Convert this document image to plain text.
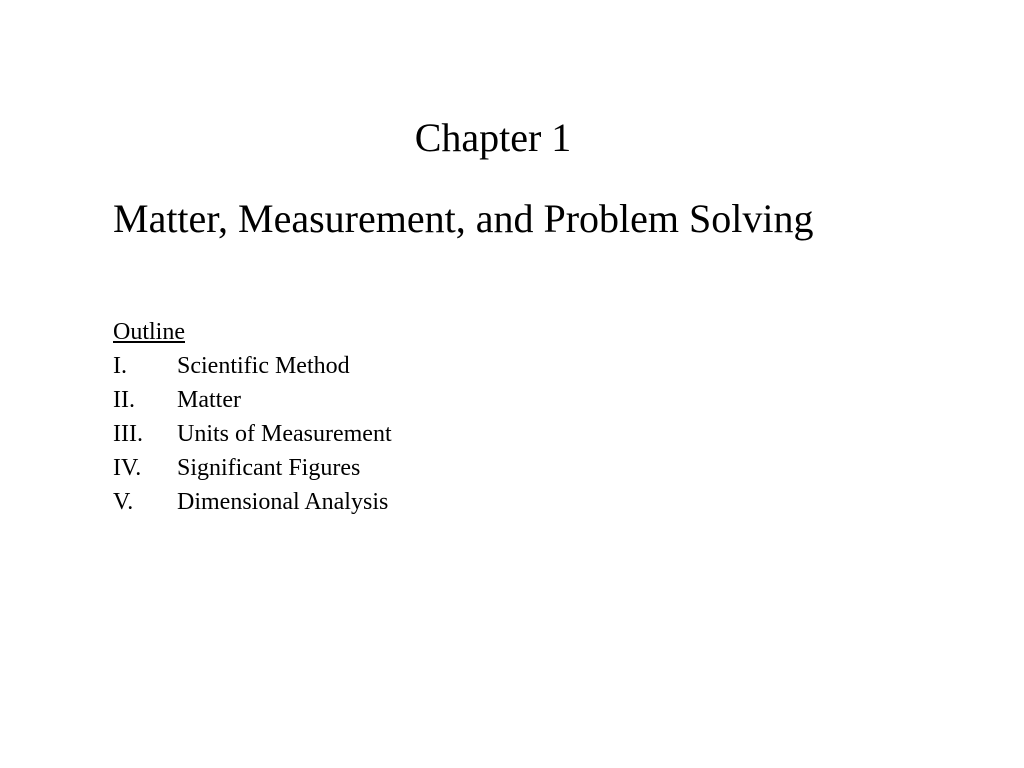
Chapter 1
Matter, Measurement, and Problem Solving
Outline
I.	Scientific Method
II.	Matter
III.	Units of Measurement
IV.	Significant Figures
V.	Dimensional Analysis
